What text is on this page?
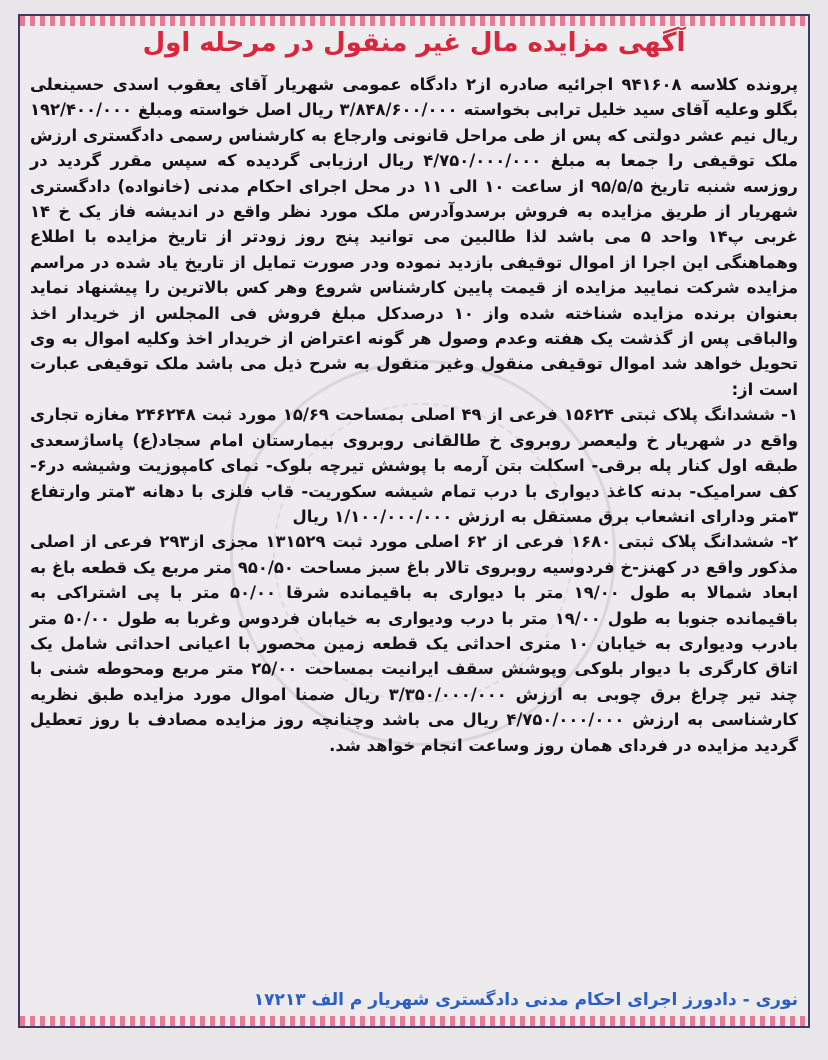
آگهی مزایده مال غیر منقول در مرحله اول

پرونده کلاسه ۹۴۱۶۰۸ اجرائیه صادره از۲ دادگاه عمومی شهریار آقای یعقوب اسدی حسینعلی بگلو وعلیه آقای سید خلیل ترابی بخواسته ۳/۸۴۸/۶۰۰/۰۰۰ ریال اصل خواسته ومبلغ ۱۹۲/۴۰۰/۰۰۰ ریال نیم عشر دولتی که پس از طی مراحل قانونی وارجاع به کارشناس رسمی دادگستری ارزش ملک توقیفی را جمعا به مبلغ ۴/۷۵۰/۰۰۰/۰۰۰ ریال ارزیابی گردیده که سپس مقرر گردید در روزسه شنبه تاریخ ۹۵/۵/۵ از ساعت ۱۰ الی ۱۱ در محل اجرای احکام مدنی (خانواده) دادگستری شهریار از طریق مزایده به فروش برسدوآدرس ملک مورد نظر واقع در اندیشه فاز یک خ ۱۴ غربی پ۱۴ واحد ۵ می باشد لذا طالبین می توانید پنج روز زودتر از تاریخ مزایده با اطلاع وهماهنگی این اجرا از اموال توقیفی بازدید نموده ودر صورت تمایل از تاریخ یاد شده در مراسم مزایده شرکت نمایید مزایده از قیمت پایین کارشناس شروع وهر کس بالاترین را پیشنهاد نماید بعنوان برنده مزایده شناخته شده واز ۱۰ درصدکل مبلغ فروش فی المجلس از خریدار اخذ والباقی پس از گذشت یک هفته وعدم وصول هر گونه اعتراض از خریدار اخذ وکلیه اموال به وی تحویل خواهد شد اموال توقیفی منقول وغیر منقول به شرح ذیل می باشد ملک توقیفی عبارت است از:

۱- ششدانگ پلاک ثبتی ۱۵۶۲۴ فرعی از ۴۹ اصلی بمساحت ۱۵/۶۹ مورد ثبت ۲۴۶۲۴۸ مغازه تجاری واقع در شهریار خ ولیعصر روبروی خ طالقانی روبروی بیمارستان امام سجاد(ع) پاساژسعدی طبقه اول کنار پله برقی- اسکلت بتن آرمه با پوشش تیرچه بلوک- نمای کامپوزیت وشیشه در۶-کف سرامیک- بدنه کاغذ دیواری با درب تمام شیشه سکوریت- قاب فلزی با دهانه ۳متر وارتفاع ۳متر ودارای انشعاب برق مستقل به ارزش ۱/۱۰۰/۰۰۰/۰۰۰ ریال

۲- ششدانگ پلاک ثبتی ۱۶۸۰ فرعی از ۶۲ اصلی مورد ثبت ۱۳۱۵۲۹ مجزی از۲۹۳ فرعی از اصلی مذکور واقع در کهنز-خ فردوسیه روبروی تالار باغ سبز مساحت ۹۵۰/۵۰ متر مربع یک قطعه باغ به ابعاد شمالا به طول ۱۹/۰۰ متر با دیواری به باقیمانده شرقا ۵۰/۰۰ متر با پی اشتراکی به باقیمانده جنوبا به طول ۱۹/۰۰ متر با درب ودیواری به خیابان فردوس وغربا به طول ۵۰/۰۰ متر بادرب ودیواری به خیابان ۱۰ متری احداثی یک قطعه زمین محصور با اعیانی احداثی شامل یک اتاق کارگری با دیوار بلوکی وپوشش سقف ایرانیت بمساحت ۲۵/۰۰ متر مربع ومحوطه شنی با چند تیر چراغ برق چوبی به ارزش ۳/۳۵۰/۰۰۰/۰۰۰ ریال ضمنا اموال مورد مزایده طبق نظریه کارشناسی به ارزش ۴/۷۵۰/۰۰۰/۰۰۰ ریال می باشد وچنانچه روز مزایده مصادف با روز تعطیل گردید مزایده در فردای همان روز وساعت انجام خواهد شد.

نوری - دادورز اجرای احکام مدنی دادگستری شهریار م الف ۱۷۲۱۳
